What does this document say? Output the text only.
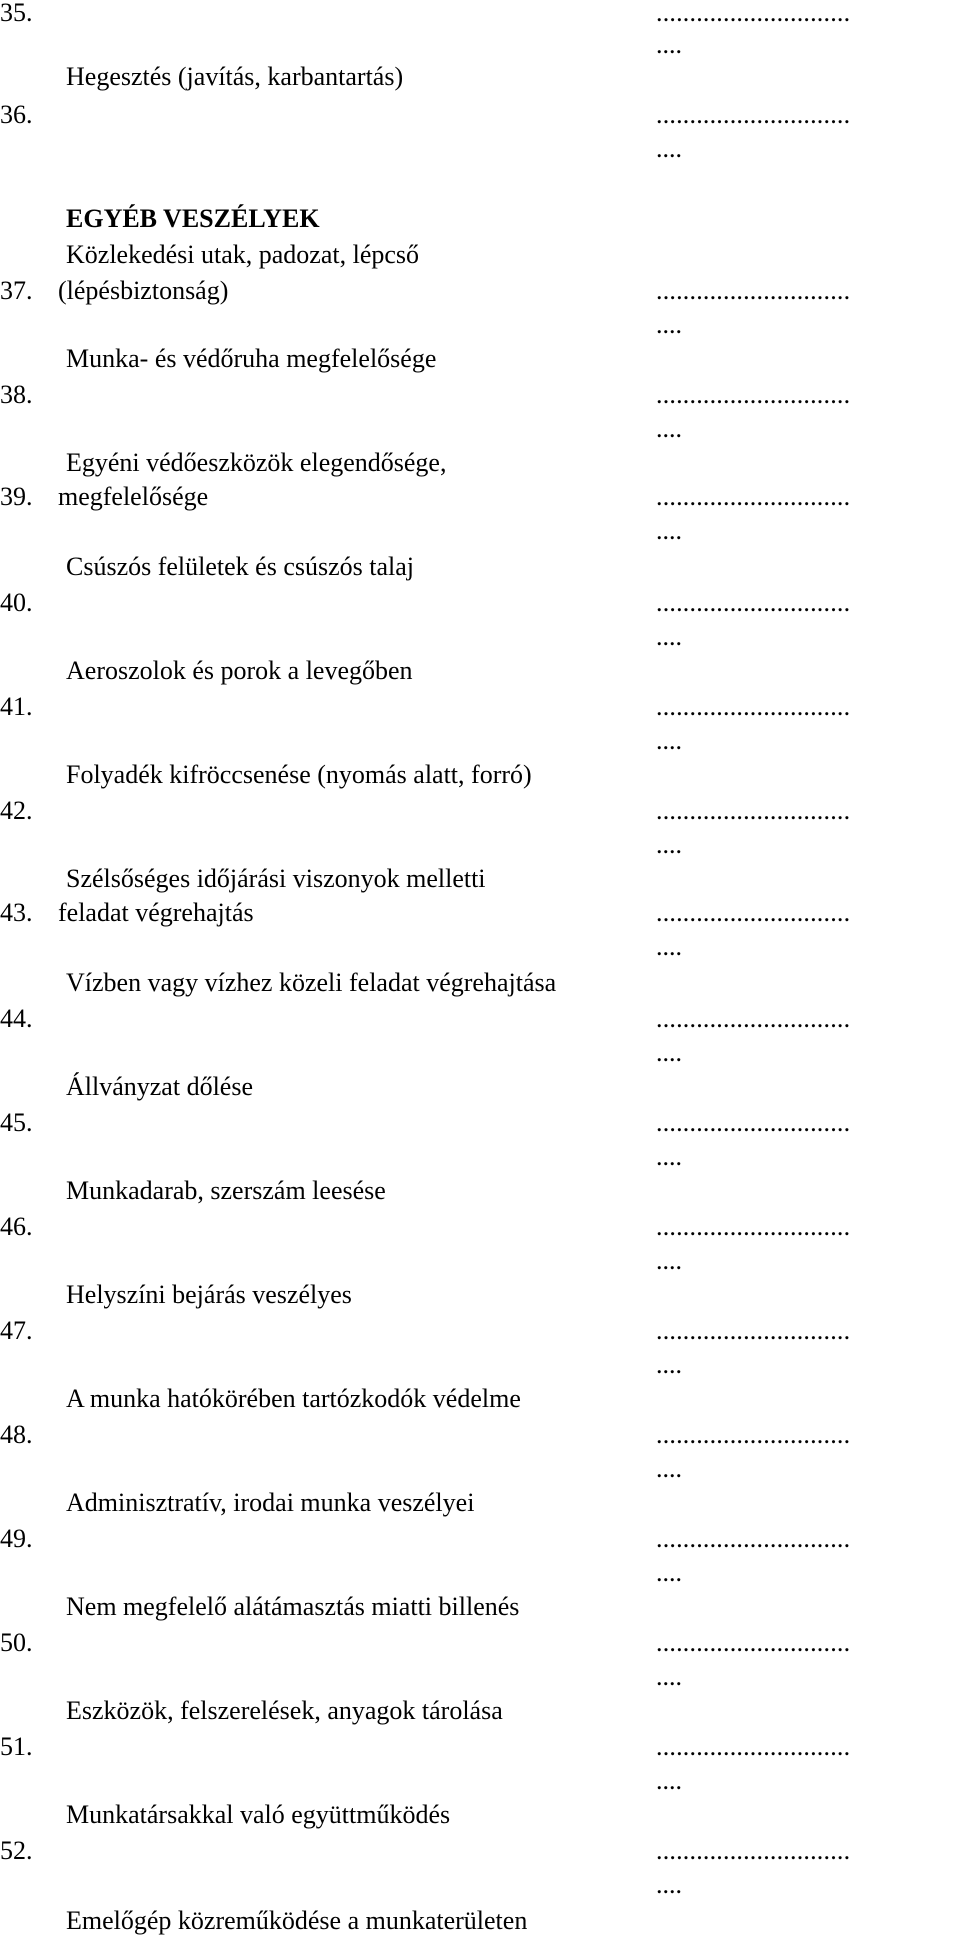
35.	.............................
....
Hegesztés (javítás, karbantartás)
36.	.............................
....
EGYÉB VESZÉLYEK
Közlekedési utak, padozat, lépcső
37. (lépésbiztonság)	.............................
....
Munka- és védőruha megfelelősége
38.	.............................
....
Egyéni védőeszközök elegendősége,
39. megfelelősége	.............................
....
Csúszós felületek és csúszós talaj
40.	.............................
....
Aeroszolok és porok a levegőben
41.	.............................
....
Folyadék kifröccsenése (nyomás alatt, forró)
42.	.............................
....
Szélsőséges időjárási viszonyok melletti
43. feladat végrehajtás	.............................
....
Vízben vagy vízhez közeli feladat végrehajtása
44.	.............................
....
Állványzat dőlése
45.	.............................
....
Munkadarab, szerszám leesése
46.	.............................
....
Helyszíni bejárás veszélyes
47.	.............................
....
A munka hatókörében tartózkodók védelme
48.	.............................
....
Adminisztratív, irodai munka veszélyei
49.	.............................
....
Nem megfelelő alátámasztás miatti billenés
50.	.............................
....
Eszközök, felszerelések, anyagok tárolása
51.	.............................
....
Munkatársakkal való együttműködés
52.	.............................
....
Emelőgép közreműködése a munkaterületen
